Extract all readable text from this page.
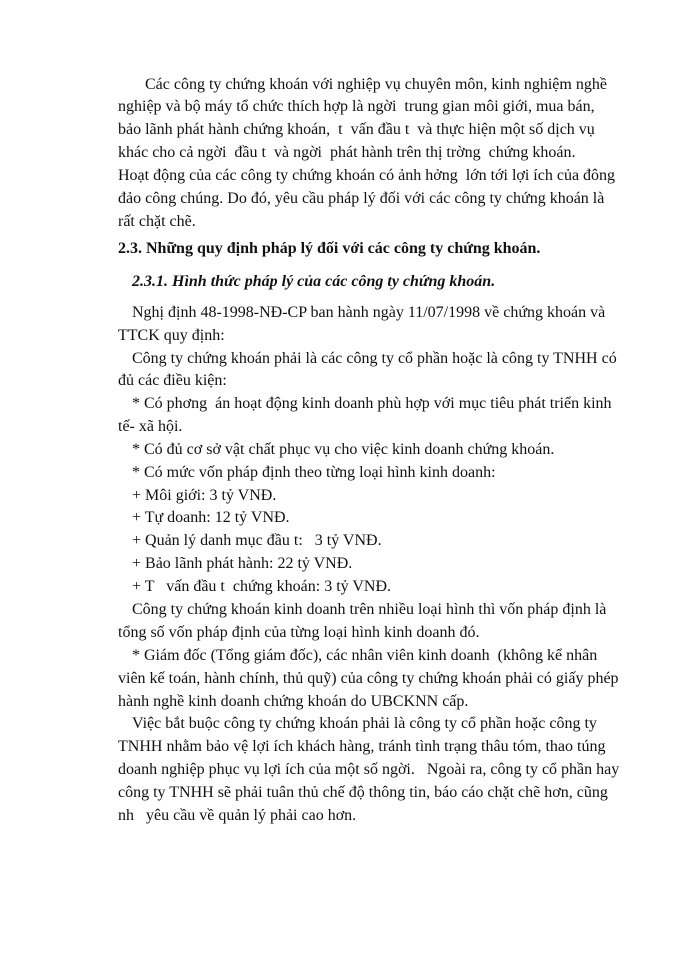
Các công ty chứng khoán với nghiệp vụ chuyên môn, kinh nghiệm nghề
nghiệp và bộ máy tổ chức thích hợp là ngời  trung gian môi giới, mua bán,
bảo lãnh phát hành chứng khoán,  t  vấn đầu t  và thực hiện một số dịch vụ
khác cho cả ngời  đầu t  và ngời  phát hành trên thị trờng  chứng khoán.
Hoạt động của các công ty chứng khoán có ảnh hởng  lớn tới lợi ích của đông
đảo công chúng. Do đó, yêu cầu pháp lý đối với các công ty chứng khoán là
rất chặt chẽ.
2.3. Những quy định pháp lý đối với các công ty chứng khoán.
2.3.1. Hình thức pháp lý của các công ty chứng khoán.
Nghị định 48-1998-NĐ-CP ban hành ngày 11/07/1998 về chứng khoán và
TTCK quy định:
Công ty chứng khoán phải là các công ty cổ phần hoặc là công ty TNHH có
đủ các điều kiện:
* Có phơng  án hoạt động kinh doanh phù hợp với mục tiêu phát triển kinh
tế- xã hội.
* Có đủ cơ sở vật chất phục vụ cho việc kinh doanh chứng khoán.
* Có mức vốn pháp định theo từng loại hình kinh doanh:
+ Môi giới: 3 tỷ VNĐ.
+ Tự doanh: 12 tỷ VNĐ.
+ Quản lý danh mục đầu t:   3 tỷ VNĐ.
+ Bảo lãnh phát hành: 22 tỷ VNĐ.
+ T   vấn đầu t  chứng khoán: 3 tỷ VNĐ.
Công ty chứng khoán kinh doanh trên nhiều loại hình thì vốn pháp định là
tổng số vốn pháp định của từng loại hình kinh doanh đó.
* Giám đốc (Tổng giám đốc), các nhân viên kinh doanh  (không kể nhân
viên kế toán, hành chính, thủ quỹ) của công ty chứng khoán phải có giấy phép
hành nghề kinh doanh chứng khoán do UBCKNN cấp.
Việc bắt buộc công ty chứng khoán phải là công ty cổ phần hoặc công ty
TNHH nhằm bảo vệ lợi ích khách hàng, tránh tình trạng thâu tóm, thao túng
doanh nghiệp phục vụ lợi ích của một số ngời.   Ngoài ra, công ty cổ phần hay
công ty TNHH sẽ phải tuân thủ chế độ thông tin, báo cáo chặt chẽ hơn, cũng
nh   yêu cầu về quản lý phải cao hơn.
